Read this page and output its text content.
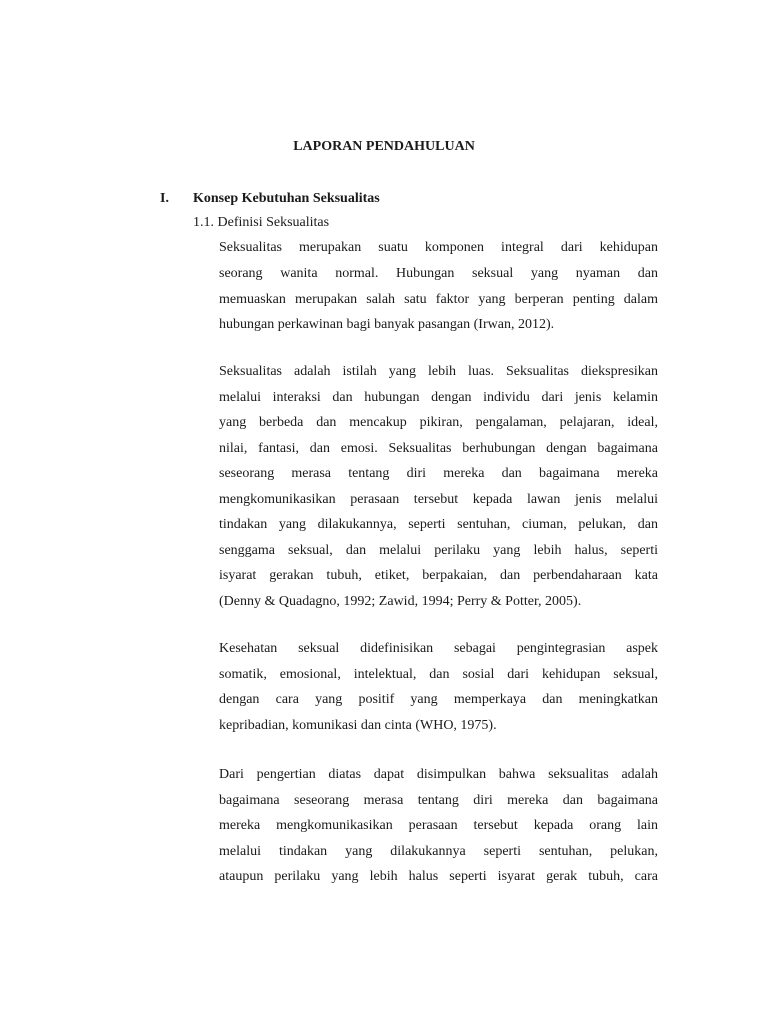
LAPORAN PENDAHULUAN
I. Konsep Kebutuhan Seksualitas
1.1. Definisi Seksualitas
Seksualitas merupakan suatu komponen integral dari kehidupan
seorang wanita normal. Hubungan seksual yang nyaman dan
memuaskan merupakan salah satu faktor yang berperan penting dalam
hubungan perkawinan bagi banyak pasangan (Irwan, 2012).
Seksualitas adalah istilah yang lebih luas. Seksualitas diekspresikan
melalui interaksi dan hubungan dengan individu dari jenis kelamin
yang berbeda dan mencakup pikiran, pengalaman, pelajaran, ideal,
nilai, fantasi, dan emosi. Seksualitas berhubungan dengan bagaimana
seseorang merasa tentang diri mereka dan bagaimana mereka
mengkomunikasikan perasaan tersebut kepada lawan jenis melalui
tindakan yang dilakukannya, seperti sentuhan, ciuman, pelukan, dan
senggama seksual, dan melalui perilaku yang lebih halus, seperti
isyarat gerakan tubuh, etiket, berpakaian, dan perbendaharaan kata
(Denny & Quadagno, 1992; Zawid, 1994; Perry & Potter, 2005).
Kesehatan seksual didefinisikan sebagai pengintegrasian aspek
somatik, emosional, intelektual, dan sosial dari kehidupan seksual,
dengan cara yang positif yang memperkaya dan meningkatkan
kepribadian, komunikasi dan cinta (WHO, 1975).
Dari pengertian diatas dapat disimpulkan bahwa seksualitas adalah
bagaimana seseorang merasa tentang diri mereka dan bagaimana
mereka mengkomunikasikan perasaan tersebut kepada orang lain
melalui tindakan yang dilakukannya seperti sentuhan, pelukan,
ataupun perilaku yang lebih halus seperti isyarat gerak tubuh, cara
